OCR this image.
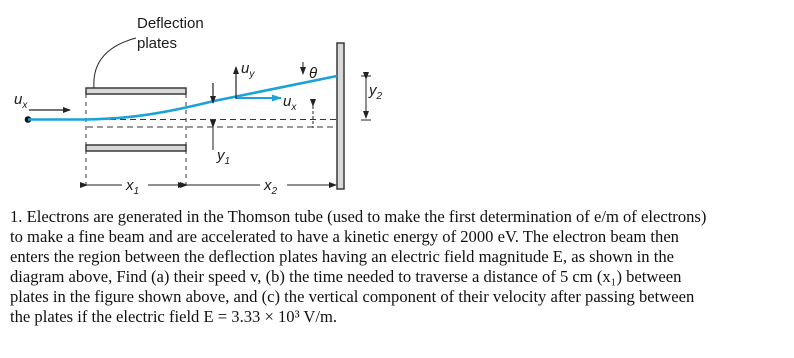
Deflection
plates
$u_x$
$y_1$
$u_y$
$u_x$
θ
$y_2$
$x_1$	$x_2$

1. Electrons are generated in the Thomson tube (used to make the first determination of e/m of electrons)
to make a fine beam and are accelerated to have a kinetic energy of 2000 eV. The electron beam then
enters the region between the deflection plates having an electric field magnitude E, as shown in the
diagram above, Find (a) their speed v, (b) the time needed to traverse a distance of 5 cm (x₁) between
plates in the figure shown above, and (c) the vertical component of their velocity after passing between
the plates if the electric field E = 3.33 × 10³ V/m.
